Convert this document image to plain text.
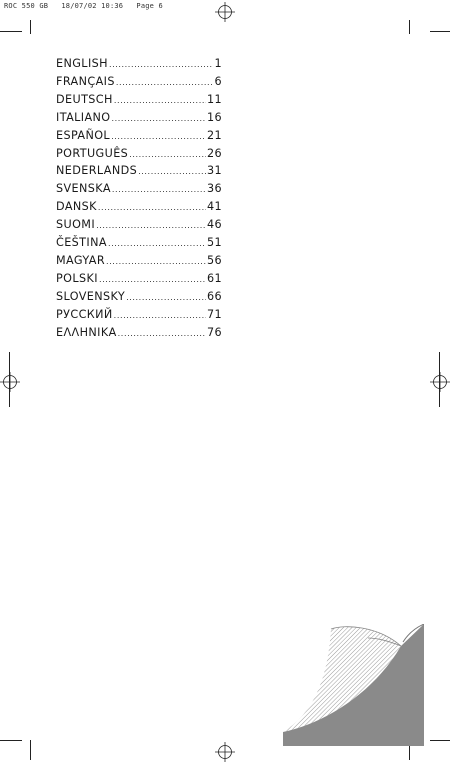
ROC 550 GB   18/07/02 10:36   Page 6
ENGLISH .....	1
FRANÇAIS .....	6
DEUTSCH .....	11
ITALIANO .....	16
ESPAÑOL .....	21
PORTUGUÊS .....	26
NEDERLANDS .....	31
SVENSKA .....	36
DANSK .....	41
SUOMI .....	46
ČEŠTINA .....	51
MAGYAR .....	56
POLSKI .....	61
SLOVENSKY .....	66
РУССКИЙ .....	71
ΕΛΛΗΝΙΚΑ .....	76
